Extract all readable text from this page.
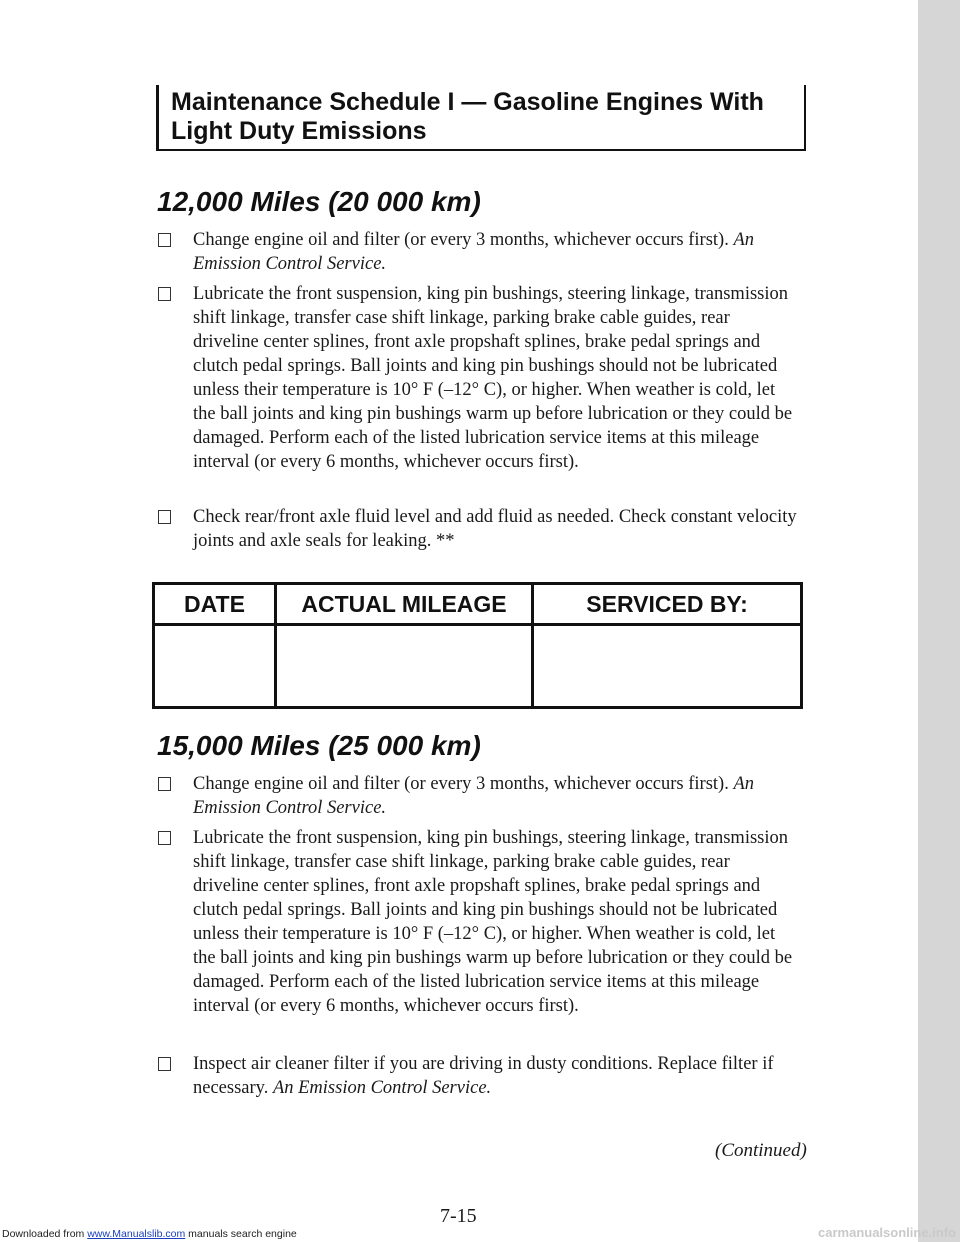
Maintenance Schedule I — Gasoline Engines With Light Duty Emissions

12,000 Miles (20 000 km)
Change engine oil and filter (or every 3 months, whichever occurs first). An Emission Control Service.
Lubricate the front suspension, king pin bushings, steering linkage, transmission shift linkage, transfer case shift linkage, parking brake cable guides, rear driveline center splines, front axle propshaft splines, brake pedal springs and clutch pedal springs. Ball joints and king pin bushings should not be lubricated unless their temperature is 10° F (–12° C), or higher. When weather is cold, let the ball joints and king pin bushings warm up before lubrication or they could be damaged. Perform each of the listed lubrication service items at this mileage interval (or every 6 months, whichever occurs first).
Check rear/front axle fluid level and add fluid as needed. Check constant velocity joints and axle seals for leaking. **
DATE	ACTUAL MILEAGE	SERVICED BY:
15,000 Miles (25 000 km)
Change engine oil and filter (or every 3 months, whichever occurs first). An Emission Control Service.
Lubricate the front suspension, king pin bushings, steering linkage, transmission shift linkage, transfer case shift linkage, parking brake cable guides, rear driveline center splines, front axle propshaft splines, brake pedal springs and clutch pedal springs. Ball joints and king pin bushings should not be lubricated unless their temperature is 10° F (–12° C), or higher. When weather is cold, let the ball joints and king pin bushings warm up before lubrication or they could be damaged. Perform each of the listed lubrication service items at this mileage interval (or every 6 months, whichever occurs first).
Inspect air cleaner filter if you are driving in dusty conditions. Replace filter if necessary. An Emission Control Service.
(Continued)
7-15
Downloaded from www.Manualslib.com manuals search engine	carmanualsonline.info
